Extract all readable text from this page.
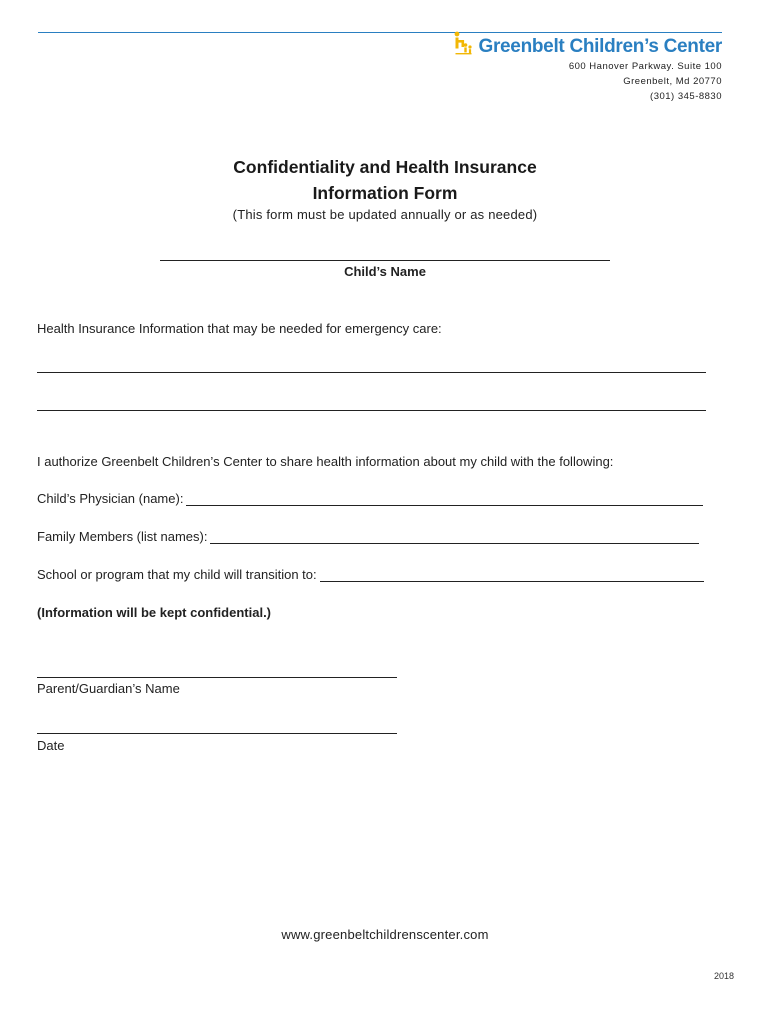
Greenbelt Children’s Center
600 Hanover Parkway. Suite 100
Greenbelt, Md 20770
(301) 345-8830
Confidentiality and Health Insurance
Information Form
(This form must be updated annually or as needed)
Child’s Name
Health Insurance Information that may be needed for emergency care:
I authorize Greenbelt Children’s Center to share health information about my child with the following:
Child’s Physician (name):
Family Members (list names):
School or program that my child will transition to:
(Information will be kept confidential.)
Parent/Guardian’s Name
Date
www.greenbeltchildrenscenter.com
2018
